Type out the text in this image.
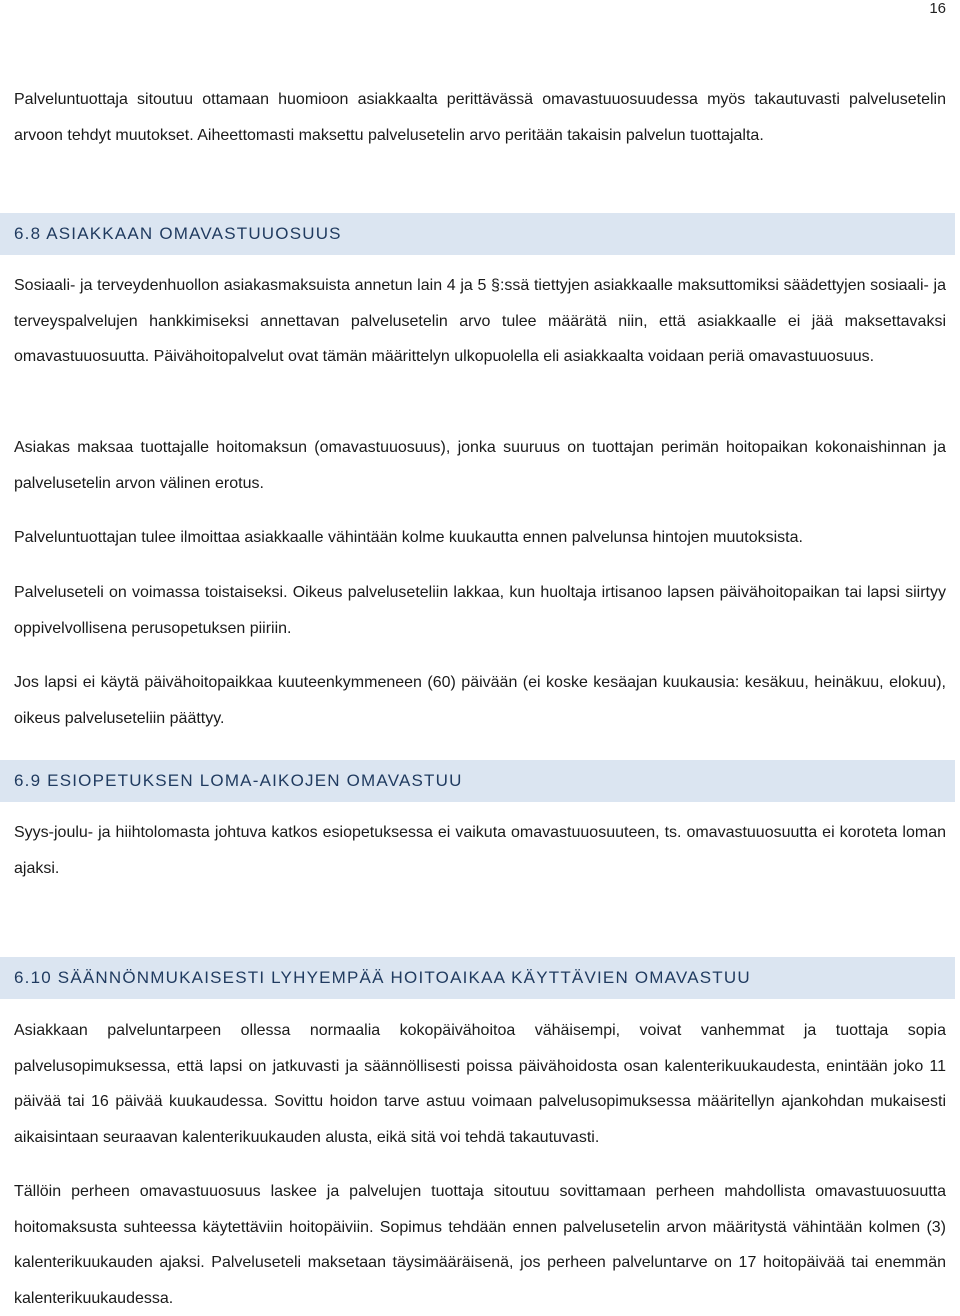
16

Palveluntuottaja sitoutuu ottamaan huomioon asiakkaalta perittävässä omavastuuosuudessa myös takautuvasti palvelusetelin arvoon tehdyt muutokset. Aiheettomasti maksettu palvelusetelin arvo peritään takaisin palvelun tuottajalta.

6.8 ASIAKKAAN OMAVASTUUOSUUS

Sosiaali- ja terveydenhuollon asiakasmaksuista annetun lain 4 ja 5 §:ssä tiettyjen asiakkaalle maksuttomiksi säädettyjen sosiaali- ja terveyspalvelujen hankkimiseksi annettavan palvelusetelin arvo tulee määrätä niin, että asiakkaalle ei jää maksettavaksi omavastuuosuutta. Päivähoitopalvelut ovat tämän määrittelyn ulkopuolella eli asiakkaalta voidaan periä omavastuuosuus.

Asiakas maksaa tuottajalle hoitomaksun (omavastuuosuus), jonka suuruus on tuottajan perimän hoitopaikan kokonaishinnan ja palvelusetelin arvon välinen erotus.

Palveluntuottajan tulee ilmoittaa asiakkaalle vähintään kolme kuukautta ennen palvelunsa hintojen muutoksista.

Palveluseteli on voimassa toistaiseksi. Oikeus palveluseteliin lakkaa, kun huoltaja irtisanoo lapsen päivähoitopaikan tai lapsi siirtyy oppivelvollisena perusopetuksen piiriin.

Jos lapsi ei käytä päivähoitopaikkaa kuuteenkymmeneen (60) päivään (ei koske kesäajan kuukausia: kesäkuu, heinäkuu, elokuu), oikeus palveluseteliin päättyy.

6.9 ESIOPETUKSEN LOMA-AIKOJEN OMAVASTUU

Syys-joulu- ja hiihtolomasta johtuva katkos esiopetuksessa ei vaikuta omavastuuosuuteen, ts. omavastuuosuutta ei koroteta loman ajaksi.

6.10 SÄÄNNÖNMUKAISESTI LYHYEMPÄÄ HOITOAIKAA KÄYTTÄVIEN OMAVASTUU

Asiakkaan palveluntarpeen ollessa normaalia kokopäivähoitoa vähäisempi, voivat vanhemmat ja tuottaja sopia palvelusopimuksessa, että lapsi on jatkuvasti ja säännöllisesti poissa päivähoidosta osan kalenterikuukaudesta, enintään joko 11 päivää tai 16 päivää kuukaudessa. Sovittu hoidon tarve astuu voimaan palvelusopimuksessa määritellyn ajankohdan mukaisesti aikaisintaan seuraavan kalenterikuukauden alusta, eikä sitä voi tehdä takautuvasti.

Tällöin perheen omavastuuosuus laskee ja palvelujen tuottaja sitoutuu sovittamaan perheen mahdollista omavastuuosuutta hoitomaksusta suhteessa käytettäviin hoitopäiviin. Sopimus tehdään ennen palvelusetelin arvon määritystä vähintään kolmen (3) kalenterikuukauden ajaksi. Palveluseteli maksetaan täysimääräisenä, jos perheen palveluntarve on 17 hoitopäivää tai enemmän kalenterikuukaudessa.
